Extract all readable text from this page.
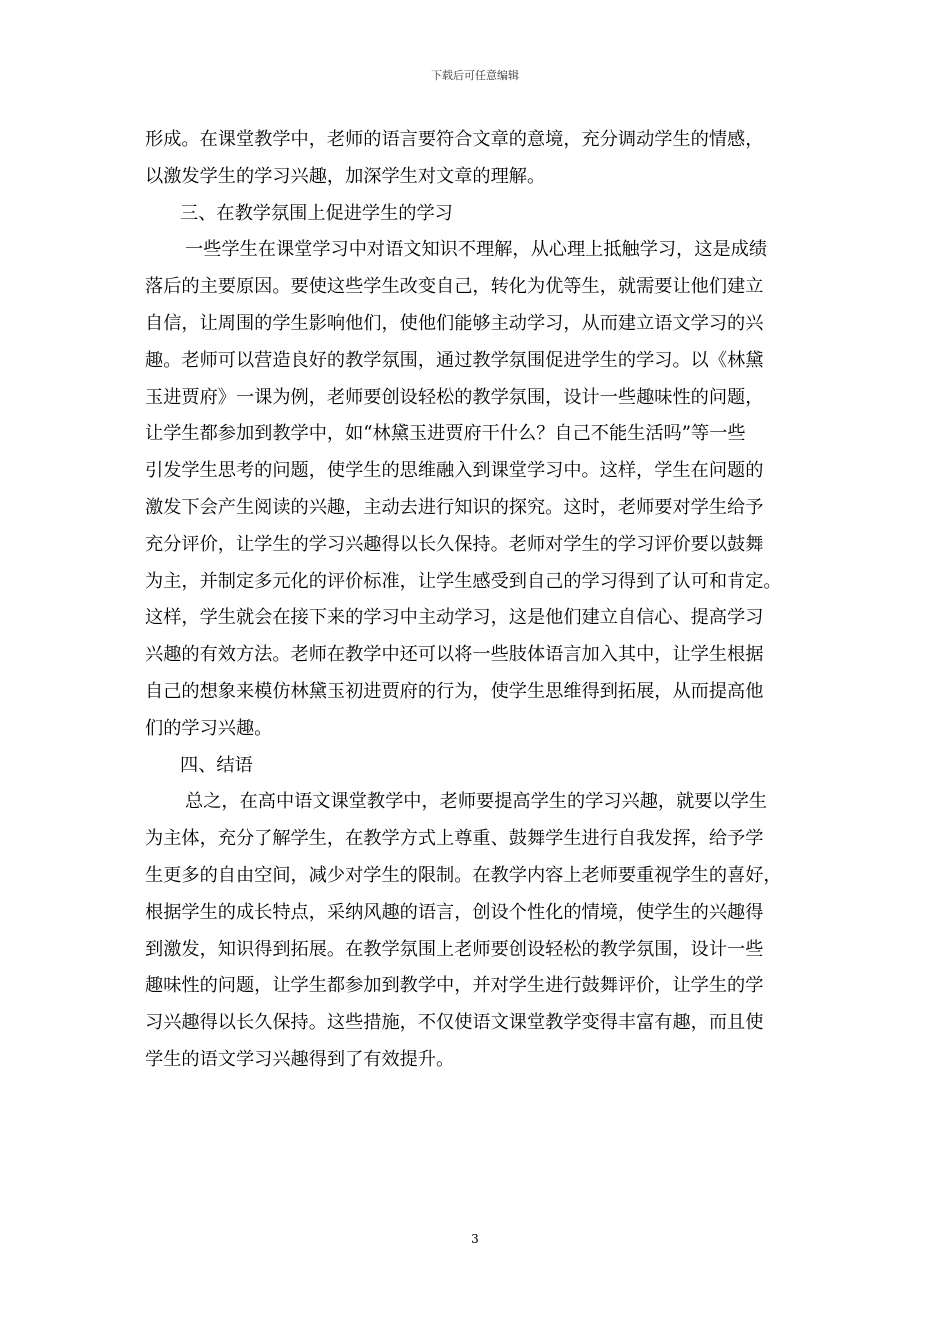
下载后可任意编辑
形成。在课堂教学中，老师的语言要符合文章的意境，充分调动学生的情感，
以激发学生的学习兴趣，加深学生对文章的理解。
三、在教学氛围上促进学生的学习
一些学生在课堂学习中对语文知识不理解，从心理上抵触学习，这是成绩
落后的主要原因。要使这些学生改变自己，转化为优等生，就需要让他们建立
自信，让周围的学生影响他们，使他们能够主动学习，从而建立语文学习的兴
趣。老师可以营造良好的教学氛围，通过教学氛围促进学生的学习。以《林黛
玉进贾府》一课为例，老师要创设轻松的教学氛围，设计一些趣味性的问题，
让学生都参加到教学中，如“林黛玉进贾府干什么？自己不能生活吗”等一些
引发学生思考的问题，使学生的思维融入到课堂学习中。这样，学生在问题的
激发下会产生阅读的兴趣，主动去进行知识的探究。这时，老师要对学生给予
充分评价，让学生的学习兴趣得以长久保持。老师对学生的学习评价要以鼓舞
为主，并制定多元化的评价标准，让学生感受到自己的学习得到了认可和肯定。
这样，学生就会在接下来的学习中主动学习，这是他们建立自信心、提高学习
兴趣的有效方法。老师在教学中还可以将一些肢体语言加入其中，让学生根据
自己的想象来模仿林黛玉初进贾府的行为，使学生思维得到拓展，从而提高他
们的学习兴趣。
四、结语
总之，在高中语文课堂教学中，老师要提高学生的学习兴趣，就要以学生
为主体，充分了解学生，在教学方式上尊重、鼓舞学生进行自我发挥，给予学
生更多的自由空间，减少对学生的限制。在教学内容上老师要重视学生的喜好，
根据学生的成长特点，采纳风趣的语言，创设个性化的情境，使学生的兴趣得
到激发，知识得到拓展。在教学氛围上老师要创设轻松的教学氛围，设计一些
趣味性的问题，让学生都参加到教学中，并对学生进行鼓舞评价，让学生的学
习兴趣得以长久保持。这些措施，不仅使语文课堂教学变得丰富有趣，而且使
学生的语文学习兴趣得到了有效提升。
3
